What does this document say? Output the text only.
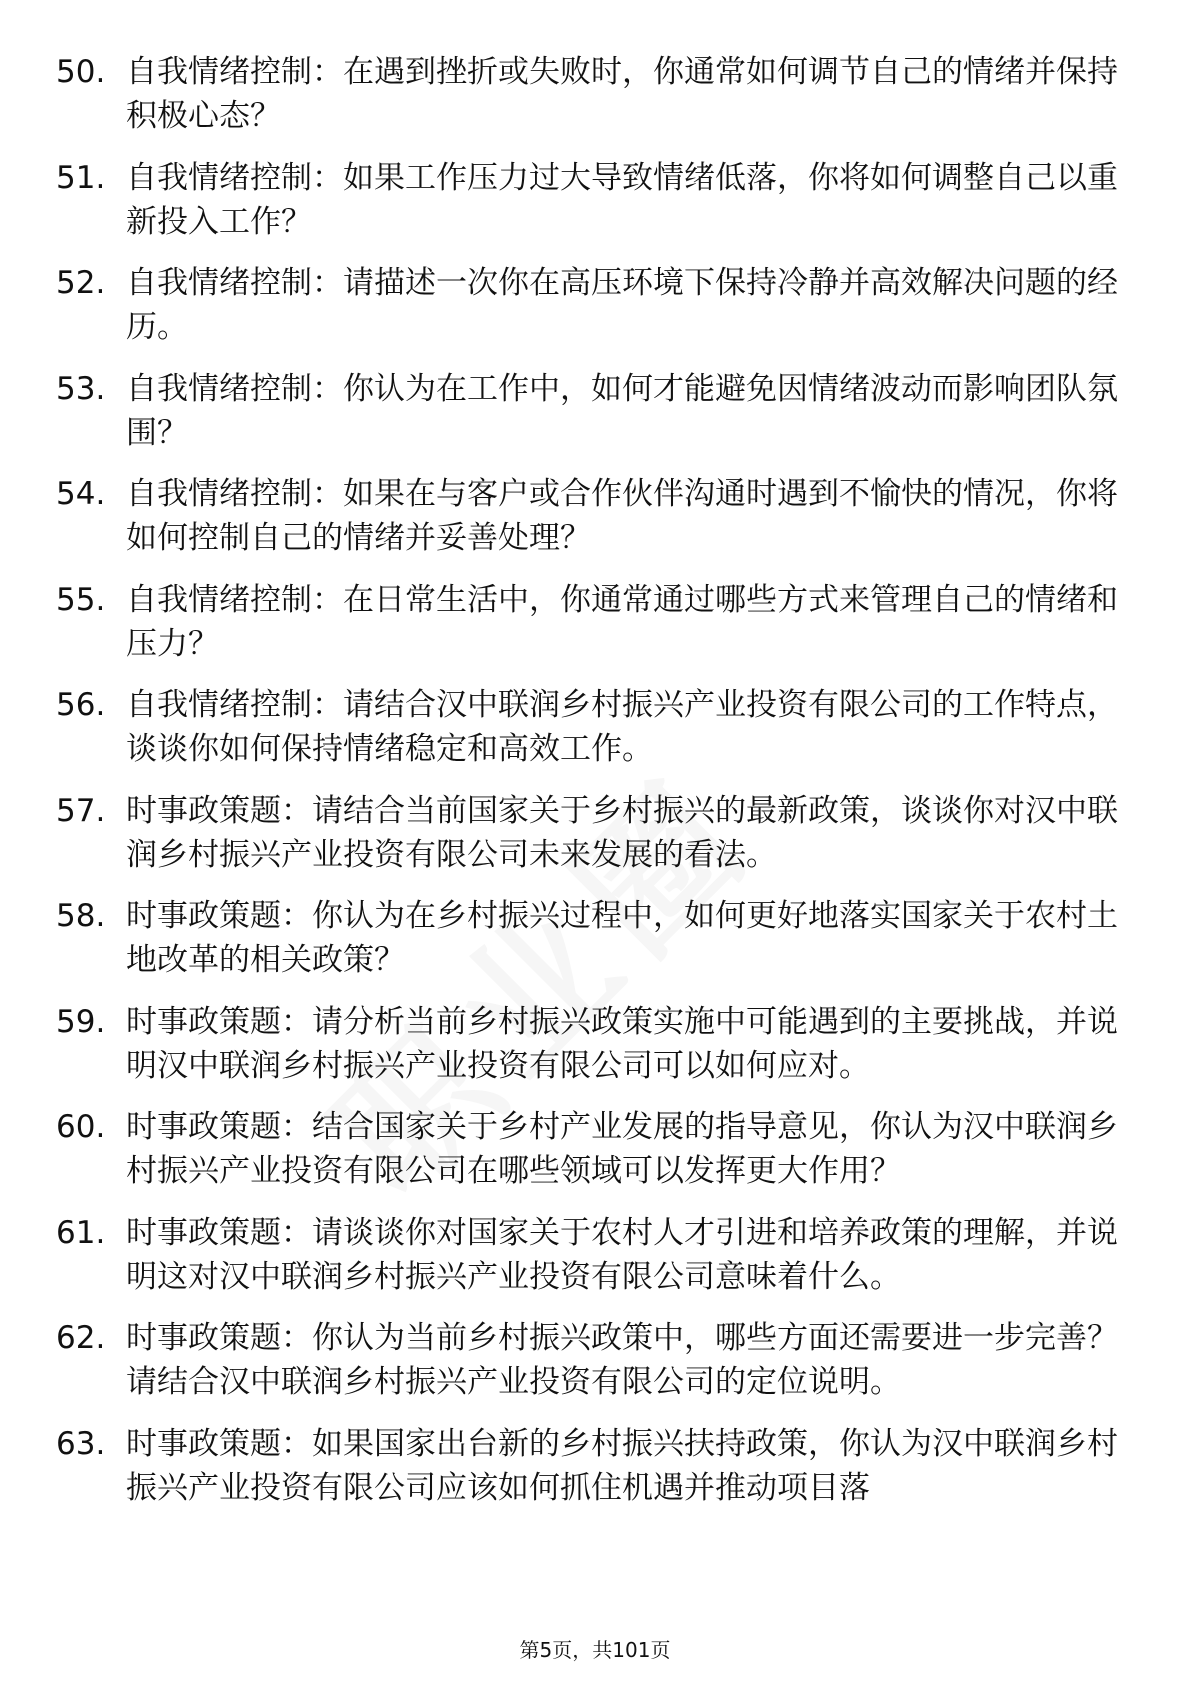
50. 自我情绪控制：在遇到挫折或失败时，你通常如何调节自己的情绪并保持积极心态？
51. 自我情绪控制：如果工作压力过大导致情绪低落，你将如何调整自己以重新投入工作？
52. 自我情绪控制：请描述一次你在高压环境下保持冷静并高效解决问题的经历。
53. 自我情绪控制：你认为在工作中，如何才能避免因情绪波动而影响团队氛围？
54. 自我情绪控制：如果在与客户或合作伙伴沟通时遇到不愉快的情况，你将如何控制自己的情绪并妥善处理？
55. 自我情绪控制：在日常生活中，你通常通过哪些方式来管理自己的情绪和压力？
56. 自我情绪控制：请结合汉中联润乡村振兴产业投资有限公司的工作特点，谈谈你如何保持情绪稳定和高效工作。
57. 时事政策题：请结合当前国家关于乡村振兴的最新政策，谈谈你对汉中联润乡村振兴产业投资有限公司未来发展的看法。
58. 时事政策题：你认为在乡村振兴过程中，如何更好地落实国家关于农村土地改革的相关政策？
59. 时事政策题：请分析当前乡村振兴政策实施中可能遇到的主要挑战，并说明汉中联润乡村振兴产业投资有限公司可以如何应对。
60. 时事政策题：结合国家关于乡村产业发展的指导意见，你认为汉中联润乡村振兴产业投资有限公司在哪些领域可以发挥更大作用？
61. 时事政策题：请谈谈你对国家关于农村人才引进和培养政策的理解，并说明这对汉中联润乡村振兴产业投资有限公司意味着什么。
62. 时事政策题：你认为当前乡村振兴政策中，哪些方面还需要进一步完善？请结合汉中联润乡村振兴产业投资有限公司的定位说明。
63. 时事政策题：如果国家出台新的乡村振兴扶持政策，你认为汉中联润乡村振兴产业投资有限公司应该如何抓住机遇并推动项目落
第5页，共101页
